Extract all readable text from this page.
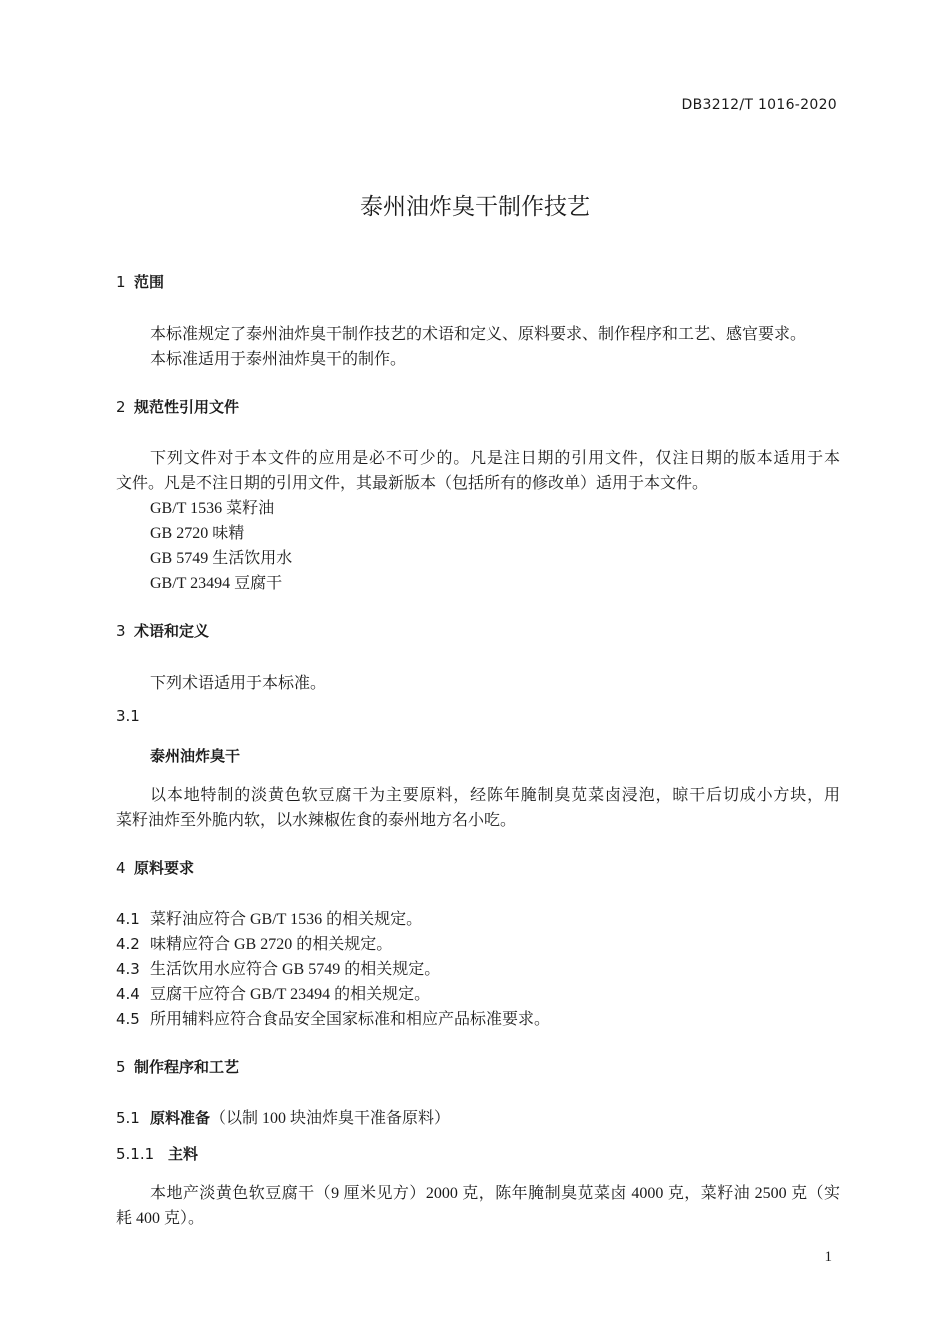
DB3212/T 1016-2020
泰州油炸臭干制作技艺
1 范围
本标准规定了泰州油炸臭干制作技艺的术语和定义、原料要求、制作程序和工艺、感官要求。
本标准适用于泰州油炸臭干的制作。
2 规范性引用文件
下列文件对于本文件的应用是必不可少的。凡是注日期的引用文件，仅注日期的版本适用于本
文件。凡是不注日期的引用文件，其最新版本（包括所有的修改单）适用于本文件。
GB/T 1536 菜籽油
GB 2720 味精
GB 5749 生活饮用水
GB/T 23494 豆腐干
3 术语和定义
下列术语适用于本标准。
3.1
泰州油炸臭干
以本地特制的淡黄色软豆腐干为主要原料，经陈年腌制臭苋菜卤浸泡，晾干后切成小方块，用
菜籽油炸至外脆内软，以水辣椒佐食的泰州地方名小吃。
4 原料要求
4.1 菜籽油应符合 GB/T 1536 的相关规定。
4.2 味精应符合 GB 2720 的相关规定。
4.3 生活饮用水应符合 GB 5749 的相关规定。
4.4 豆腐干应符合 GB/T 23494 的相关规定。
4.5 所用辅料应符合食品安全国家标准和相应产品标准要求。
5 制作程序和工艺
5.1 原料准备（以制 100 块油炸臭干准备原料）
5.1.1 主料
本地产淡黄色软豆腐干（9 厘米见方）2000 克，陈年腌制臭苋菜卤 4000 克，菜籽油 2500 克（实
耗 400 克）。
1
